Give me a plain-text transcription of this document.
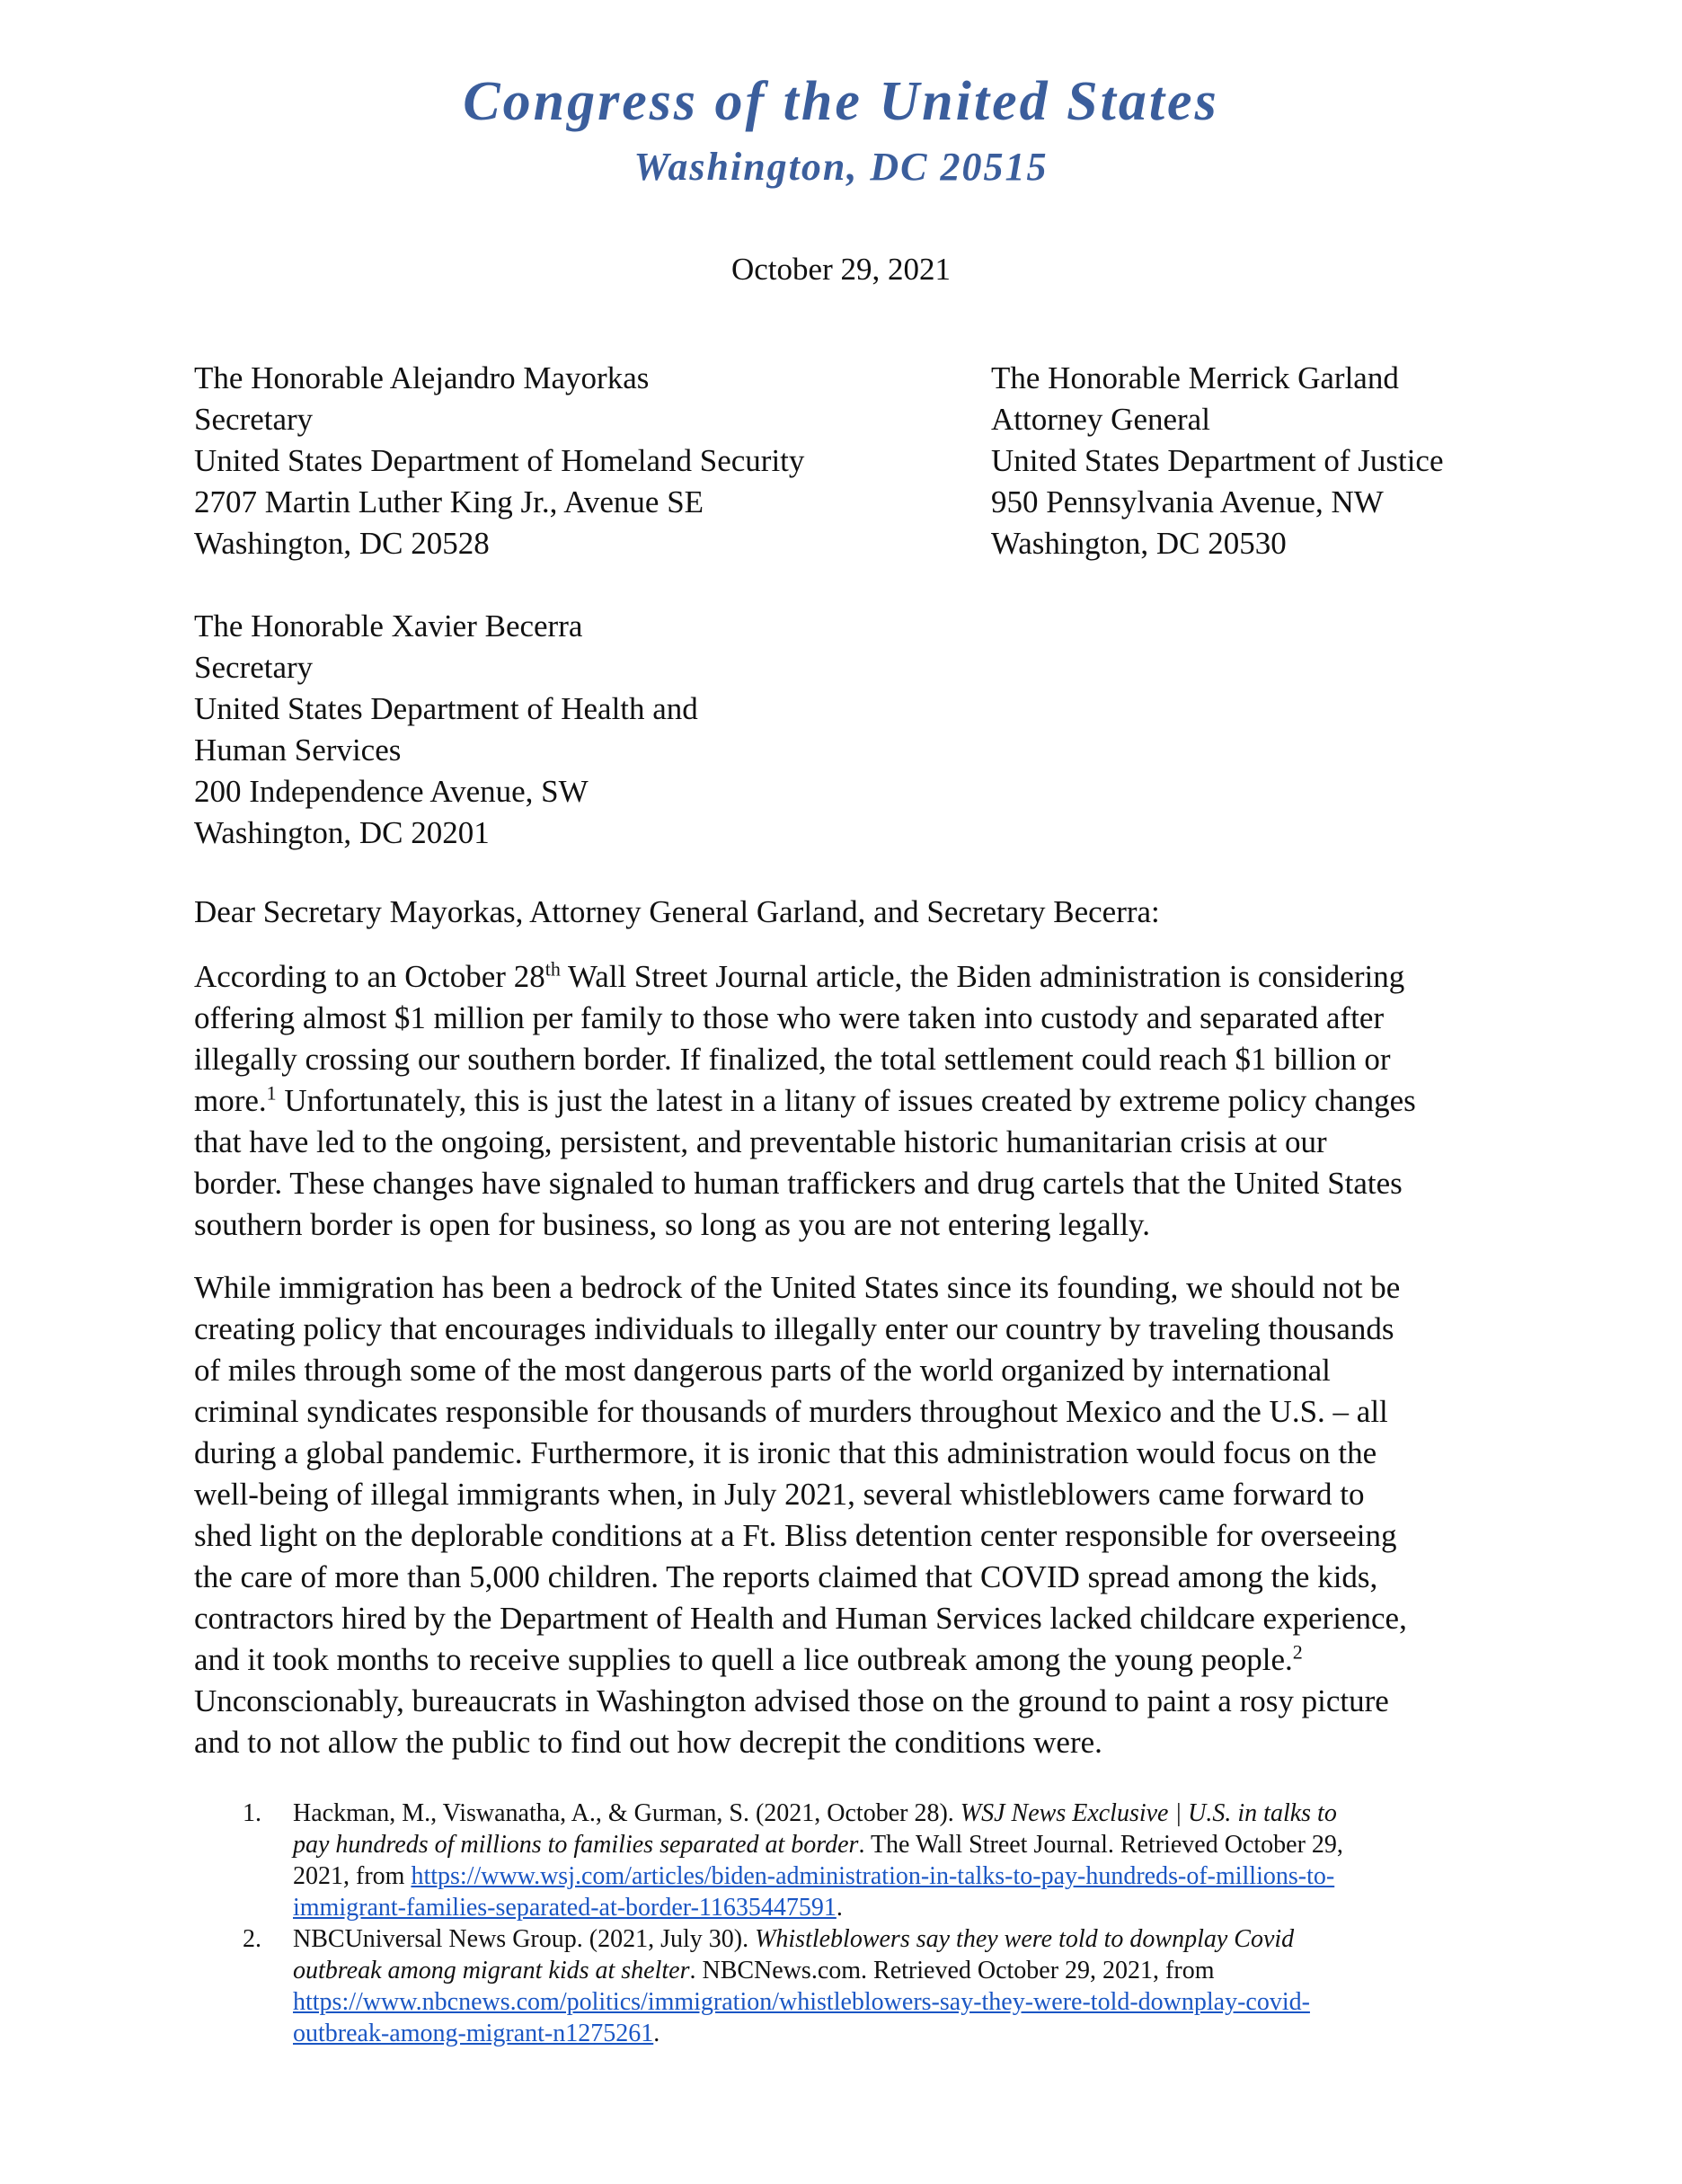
Congress of the United States
Washington, DC 20515
October 29, 2021
The Honorable Alejandro Mayorkas
Secretary
United States Department of Homeland Security
2707 Martin Luther King Jr., Avenue SE
Washington, DC 20528
The Honorable Merrick Garland
Attorney General
United States Department of Justice
950 Pennsylvania Avenue, NW
Washington, DC 20530
The Honorable Xavier Becerra
Secretary
United States Department of Health and
Human Services
200 Independence Avenue, SW
Washington, DC 20201
Dear Secretary Mayorkas, Attorney General Garland, and Secretary Becerra:
According to an October 28th Wall Street Journal article, the Biden administration is considering
offering almost $1 million per family to those who were taken into custody and separated after
illegally crossing our southern border. If finalized, the total settlement could reach $1 billion or
more.$^1$ Unfortunately, this is just the latest in a litany of issues created by extreme policy changes
that have led to the ongoing, persistent, and preventable historic humanitarian crisis at our
border. These changes have signaled to human traffickers and drug cartels that the United States
southern border is open for business, so long as you are not entering legally.
While immigration has been a bedrock of the United States since its founding, we should not be
creating policy that encourages individuals to illegally enter our country by traveling thousands
of miles through some of the most dangerous parts of the world organized by international
criminal syndicates responsible for thousands of murders throughout Mexico and the U.S. – all
during a global pandemic. Furthermore, it is ironic that this administration would focus on the
well-being of illegal immigrants when, in July 2021, several whistleblowers came forward to
shed light on the deplorable conditions at a Ft. Bliss detention center responsible for overseeing
the care of more than 5,000 children. The reports claimed that COVID spread among the kids,
contractors hired by the Department of Health and Human Services lacked childcare experience,
and it took months to receive supplies to quell a lice outbreak among the young people.$^2$
Unconscionably, bureaucrats in Washington advised those on the ground to paint a rosy picture
and to not allow the public to find out how decrepit the conditions were.
1. Hackman, M., Viswanatha, A., & Gurman, S. (2021, October 28). WSJ News Exclusive | U.S. in talks to
pay hundreds of millions to families separated at border. The Wall Street Journal. Retrieved October 29,
2021, from https://www.wsj.com/articles/biden-administration-in-talks-to-pay-hundreds-of-millions-to-
immigrant-families-separated-at-border-11635447591.
2. NBCUniversal News Group. (2021, July 30). Whistleblowers say they were told to downplay Covid
outbreak among migrant kids at shelter. NBCNews.com. Retrieved October 29, 2021, from
https://www.nbcnews.com/politics/immigration/whistleblowers-say-they-were-told-downplay-covid-
outbreak-among-migrant-n1275261.
